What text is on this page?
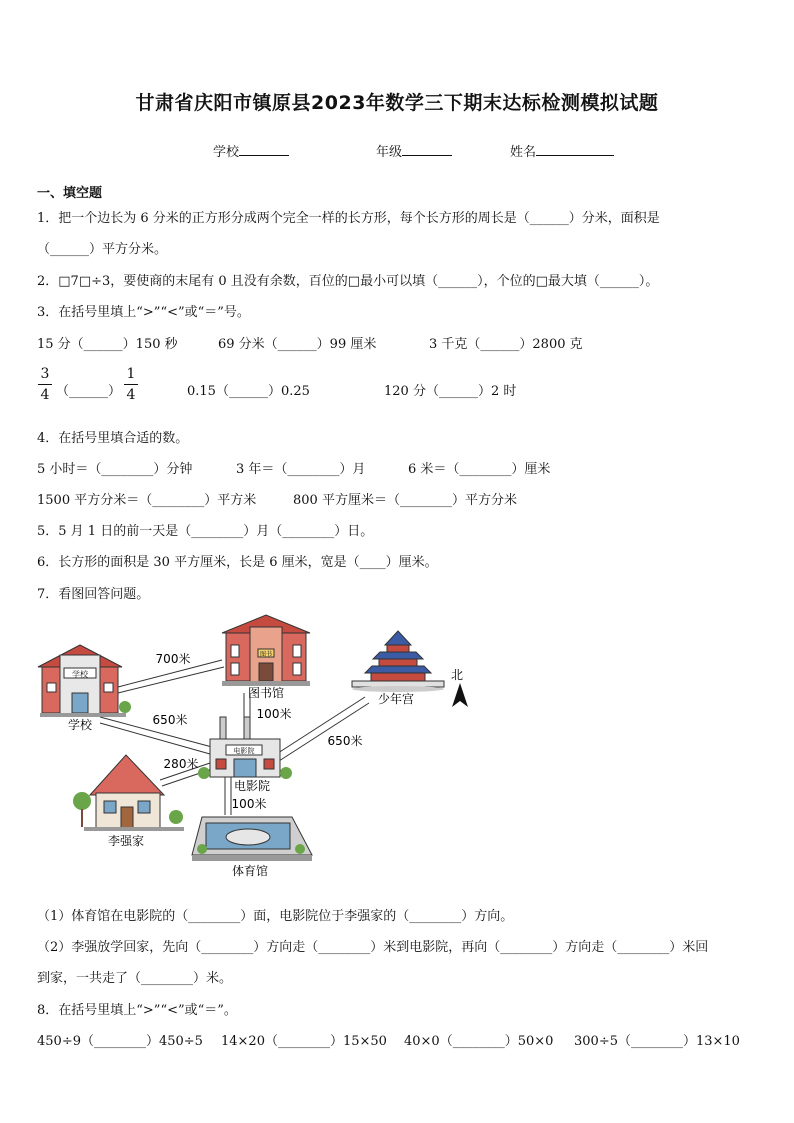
甘肃省庆阳市镇原县2023年数学三下期末达标检测模拟试题
学校	年级	姓名
一、填空题
1．把一个边长为 6 分米的正方形分成两个完全一样的长方形，每个长方形的周长是（______）分米，面积是
（______）平方分米。
2．□7□÷3，要使商的末尾有 0 且没有余数，百位的□最小可以填（______），个位的□最大填（______）。
3．在括号里填上“>”“<”或“＝”号。
15 分（______）150 秒	69 分米（______）99 厘米	3 千克（______）2800 克
3
4 （______）
1
4	0.15（______）0.25	120 分（______）2 时
4．在括号里填合适的数。
5 小时＝（________）分钟	3 年＝（________）月	6 米＝（________）厘米
1500 平方分米＝（________）平方米	800 平方厘米＝（________）平方分米
5．5 月 1 日的前一天是（________）月（________）日。
6．长方形的面积是 30 平方厘米，长是 6 厘米，宽是（____）厘米。
7．看图回答问题。
学校
学校
图书
图书馆	少年宫
北
电影院
电影院
李强家
体育馆
700米
650米	100米
650米
280米
100米
（1）体育馆在电影院的（________）面，电影院位于李强家的（________）方向。
（2）李强放学回家，先向（________）方向走（________）米到电影院，再向（________）方向走（________）米回
到家，一共走了（________）米。
8．在括号里填上“>”“<”或“＝”。
450÷9（________）450÷5 14×20（________）15×50 40×0（________）50×0 300÷5（________）13×10
